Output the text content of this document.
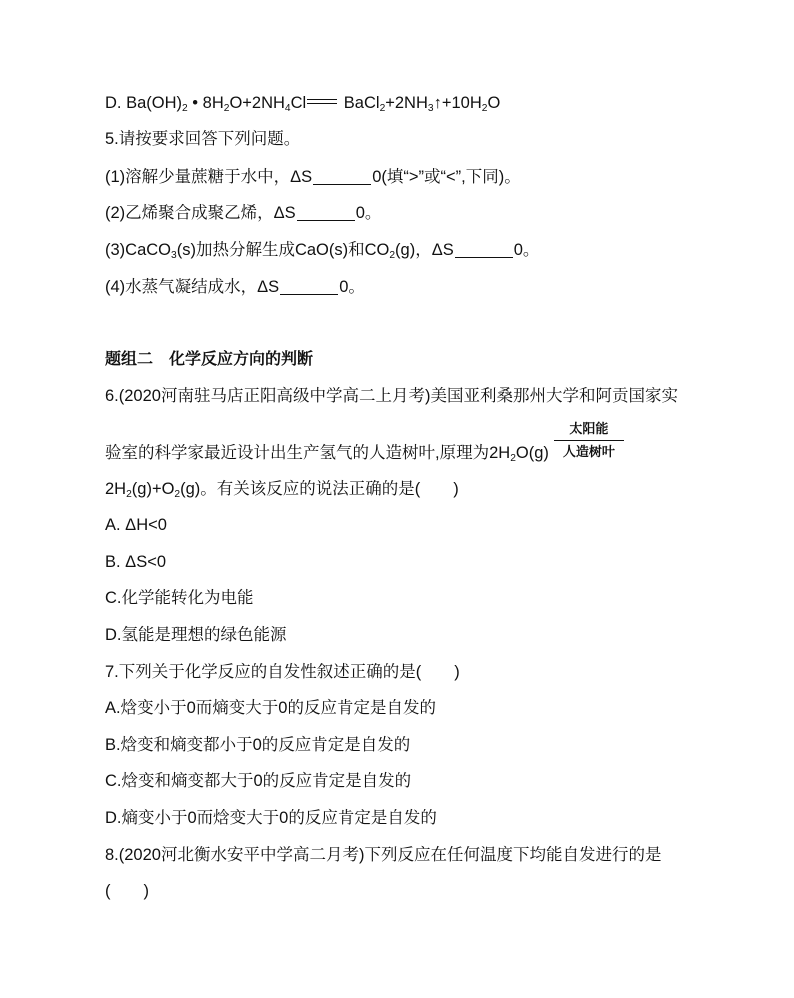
D. $Ba(OH)_2$ • $8H_2O+2NH_4Cl$ $BaCl_2+2NH_3↑+10H_2O$
5.请按要求回答下列问题。
(1)溶解少量蔗糖于水中，ΔS	0(填“>”或“<”,下同)。
(2)乙烯聚合成聚乙烯，ΔS	0。
(3)CaCO$_3$(s)加热分解生成CaO(s)和$CO_2(g)$，ΔS	0。
(4)水蒸气凝结成水，ΔS	0。
题组二 化学反应方向的判断
6.(2020河南驻马店正阳高级中学高二上月考)美国亚利桑那州大学和阿贡国家实
验室的科学家最近设计出生产氢气的人造树叶,原理为$2H_2O(g)$
太阳能
人造树叶
$2H_2(g)+O_2(g)$。有关该反应的说法正确的是(　　)
A. ΔH<0
B. ΔS<0
C.化学能转化为电能
D.氢能是理想的绿色能源
7.下列关于化学反应的自发性叙述正确的是(　　)
A.焓变小于0而熵变大于0的反应肯定是自发的
B.焓变和熵变都小于0的反应肯定是自发的
C.焓变和熵变都大于0的反应肯定是自发的
D.熵变小于0而焓变大于0的反应肯定是自发的
8.(2020河北衡水安平中学高二月考)下列反应在任何温度下均能自发进行的是
(　　)
